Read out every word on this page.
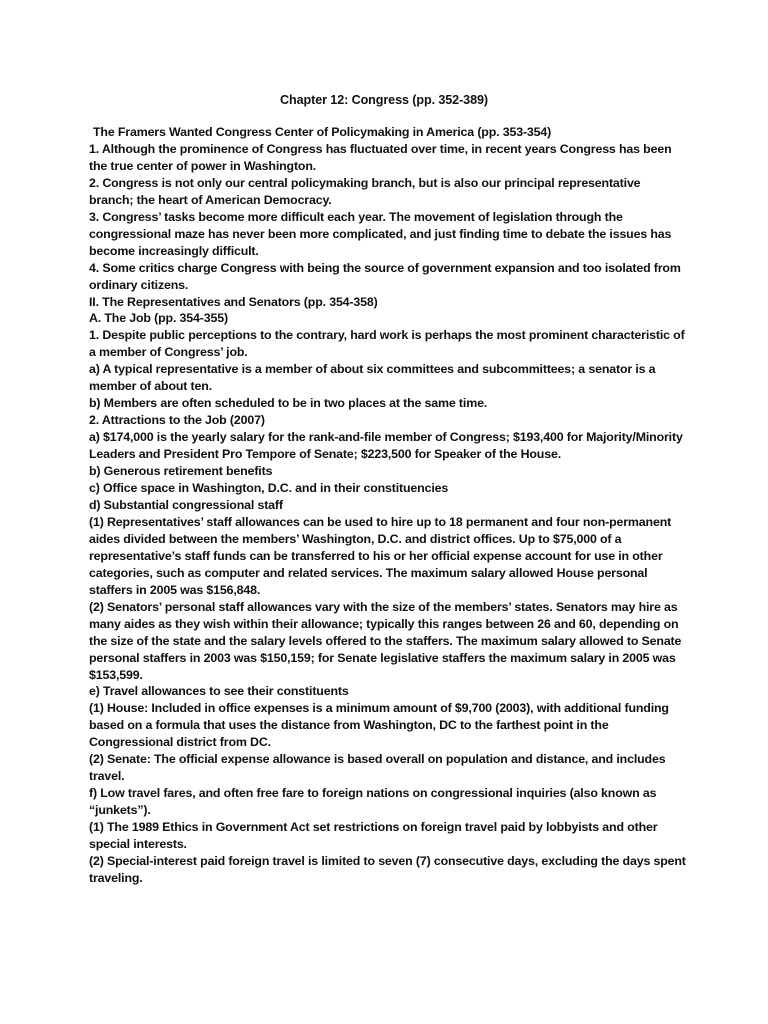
Chapter 12: Congress (pp. 352-389)

The Framers Wanted Congress Center of Policymaking in America (pp. 353-354)

1. Although the prominence of Congress has fluctuated over time, in recent years Congress has been the true center of power in Washington.

2. Congress is not only our central policymaking branch, but is also our principal representative branch; the heart of American Democracy.

3. Congress’ tasks become more difficult each year. The movement of legislation through the congressional maze has never been more complicated, and just finding time to debate the issues has become increasingly difficult.

4. Some critics charge Congress with being the source of government expansion and too isolated from ordinary citizens.

II. The Representatives and Senators (pp. 354-358)

A. The Job (pp. 354-355)

1. Despite public perceptions to the contrary, hard work is perhaps the most prominent characteristic of a member of Congress’ job.

a) A typical representative is a member of about six committees and subcommittees; a senator is a member of about ten.

b) Members are often scheduled to be in two places at the same time.

2. Attractions to the Job (2007)

a) $174,000 is the yearly salary for the rank-and-file member of Congress; $193,400 for Majority/Minority Leaders and President Pro Tempore of Senate; $223,500 for Speaker of the House.

b) Generous retirement benefits

c) Office space in Washington, D.C. and in their constituencies

d) Substantial congressional staff

(1) Representatives’ staff allowances can be used to hire up to 18 permanent and four non-permanent aides divided between the members’ Washington, D.C. and district offices. Up to $75,000 of a representative’s staff funds can be transferred to his or her official expense account for use in other categories, such as computer and related services. The maximum salary allowed House personal staffers in 2005 was $156,848.

(2) Senators’ personal staff allowances vary with the size of the members’ states. Senators may hire as many aides as they wish within their allowance; typically this ranges between 26 and 60, depending on the size of the state and the salary levels offered to the staffers. The maximum salary allowed to Senate personal staffers in 2003 was $150,159; for Senate legislative staffers the maximum salary in 2005 was $153,599.

e) Travel allowances to see their constituents

(1) House: Included in office expenses is a minimum amount of $9,700 (2003), with additional funding based on a formula that uses the distance from Washington, DC to the farthest point in the Congressional district from DC.

(2) Senate: The official expense allowance is based overall on population and distance, and includes travel.

f) Low travel fares, and often free fare to foreign nations on congressional inquiries (also known as “junkets”).

(1) The 1989 Ethics in Government Act set restrictions on foreign travel paid by lobbyists and other special interests.

(2) Special-interest paid foreign travel is limited to seven (7) consecutive days, excluding the days spent traveling.
